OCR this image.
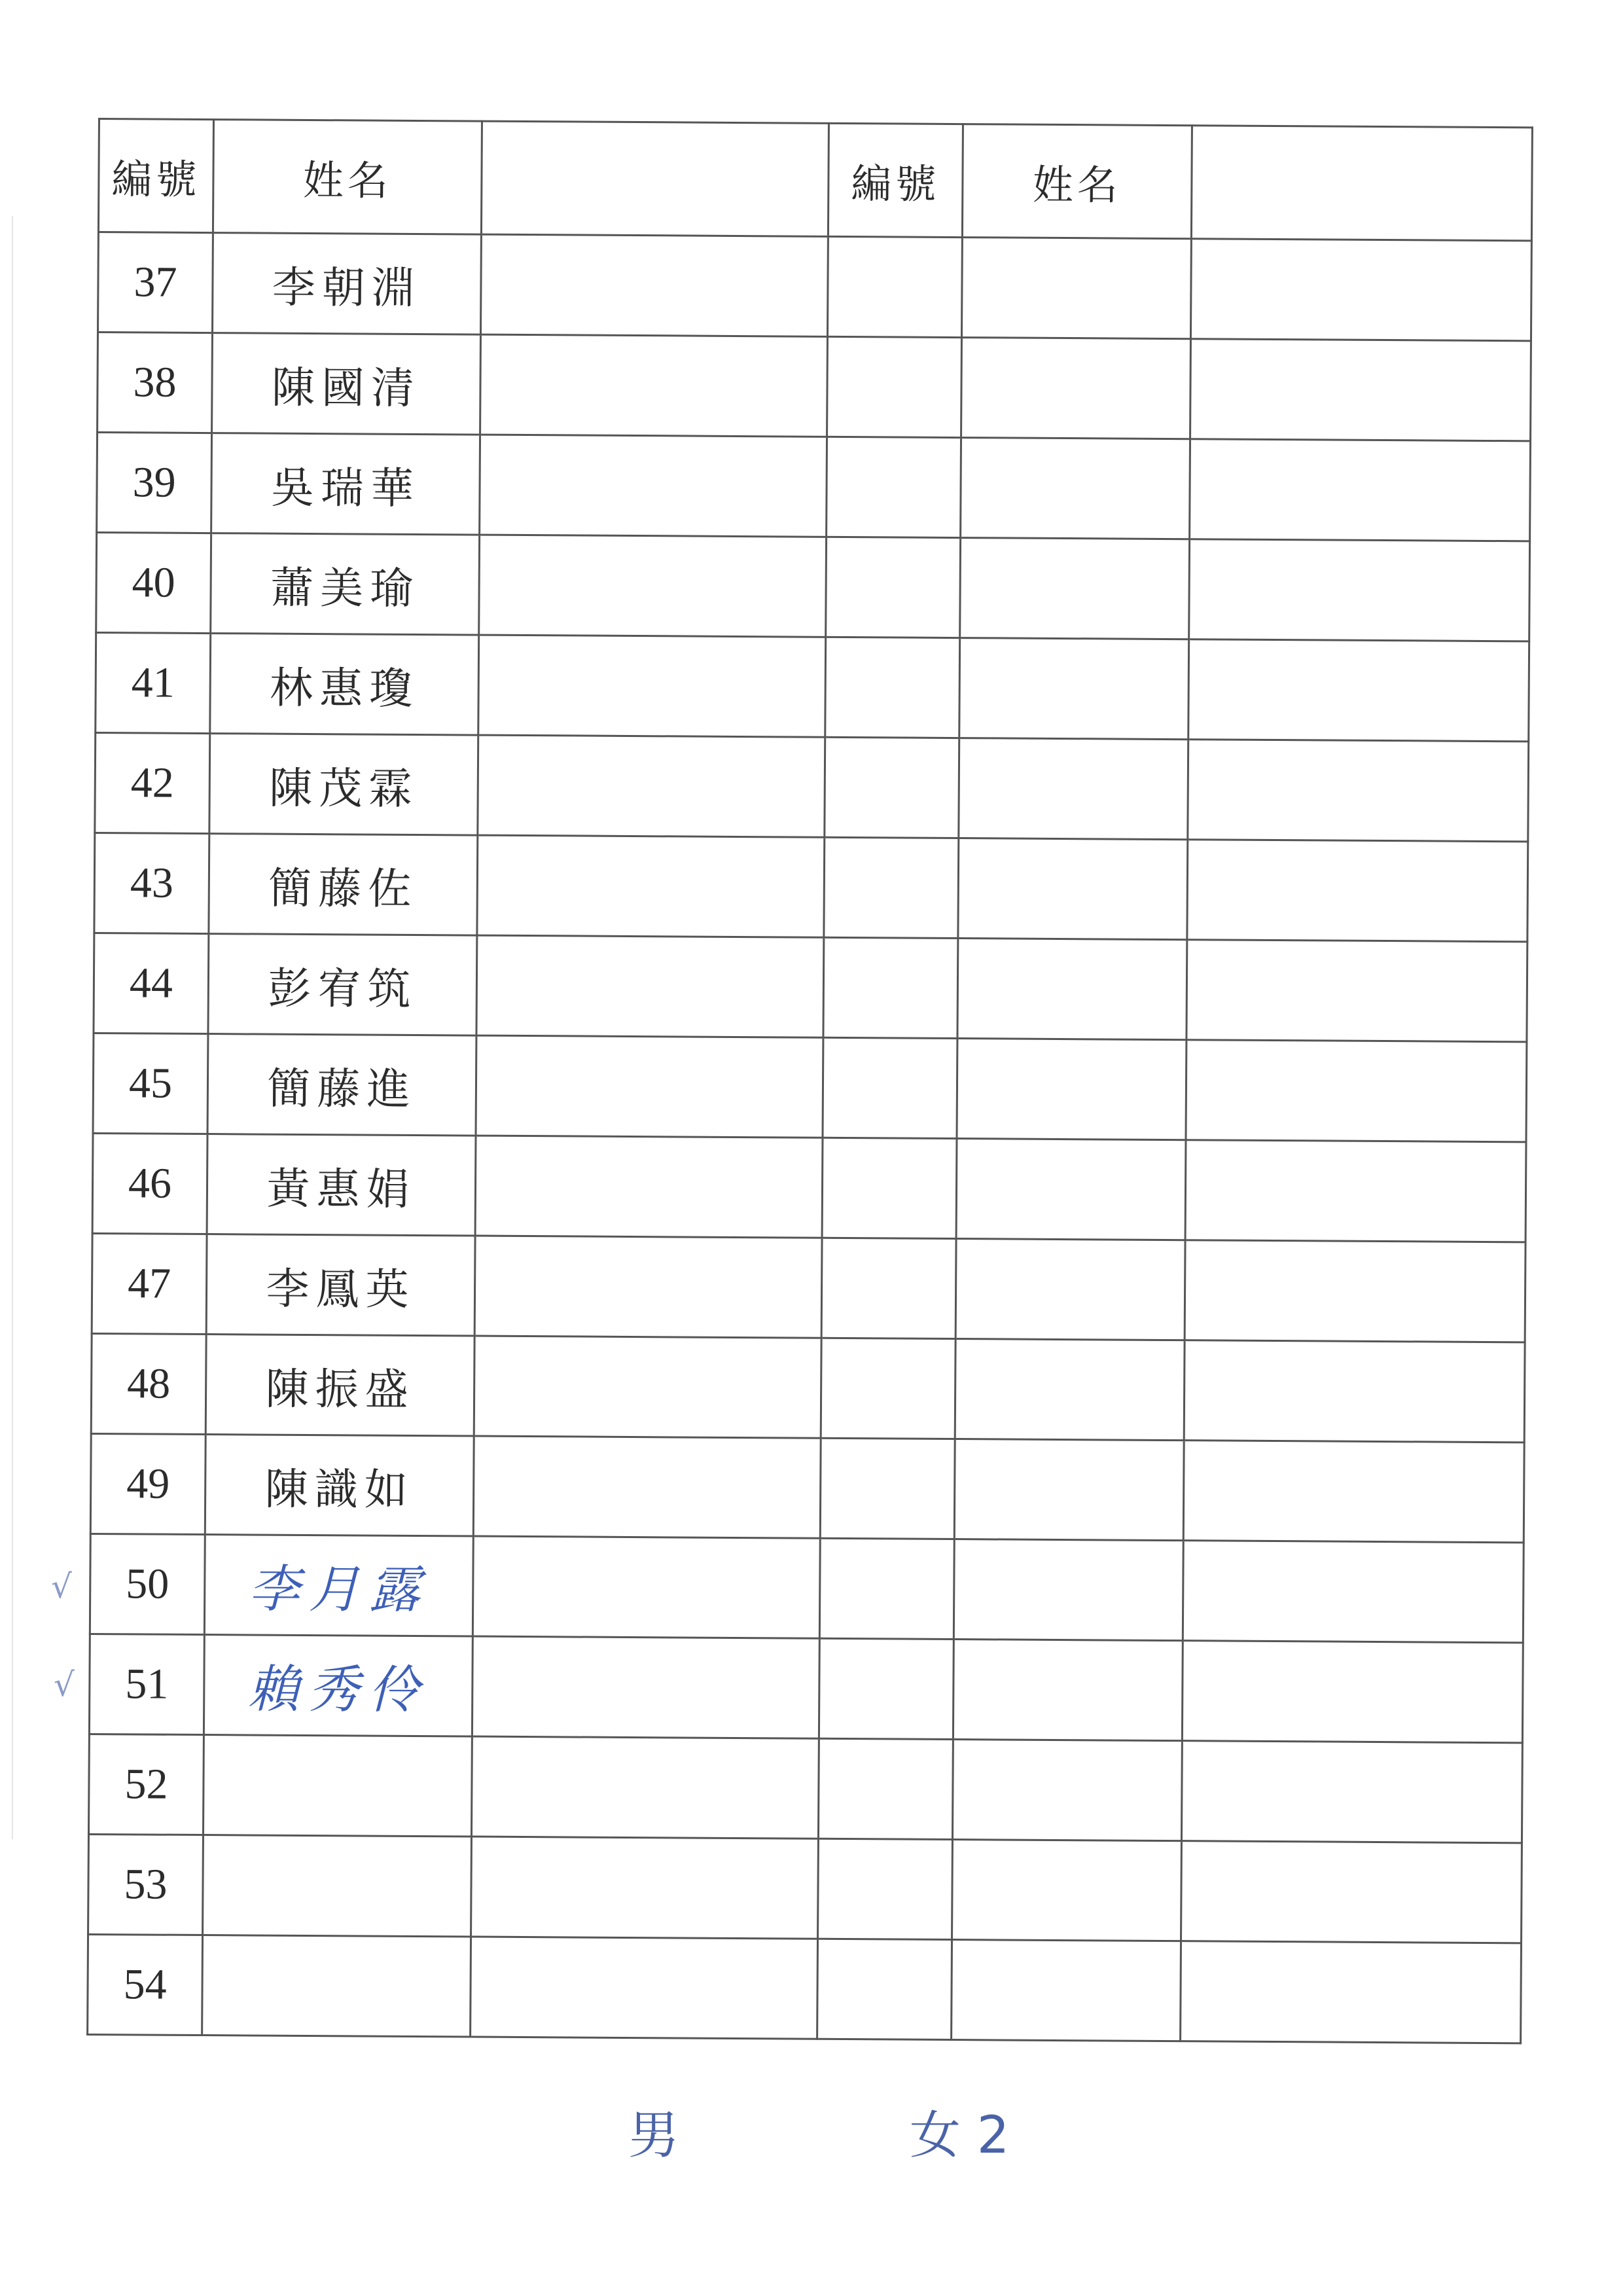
編號	姓名		編號	姓名	
37	李朝淵				
38	陳國清				
39	吳瑞華				
40	蕭美瑜				
41	林惠瓊				
42	陳茂霖				
43	簡藤佐				
44	彭宥筑				
45	簡藤進				
46	黃惠娟				
47	李鳳英				
48	陳振盛				
49	陳識如				
50	李月露				
51	賴秀伶				
52					
53					
54					
√
√
男	女 2
